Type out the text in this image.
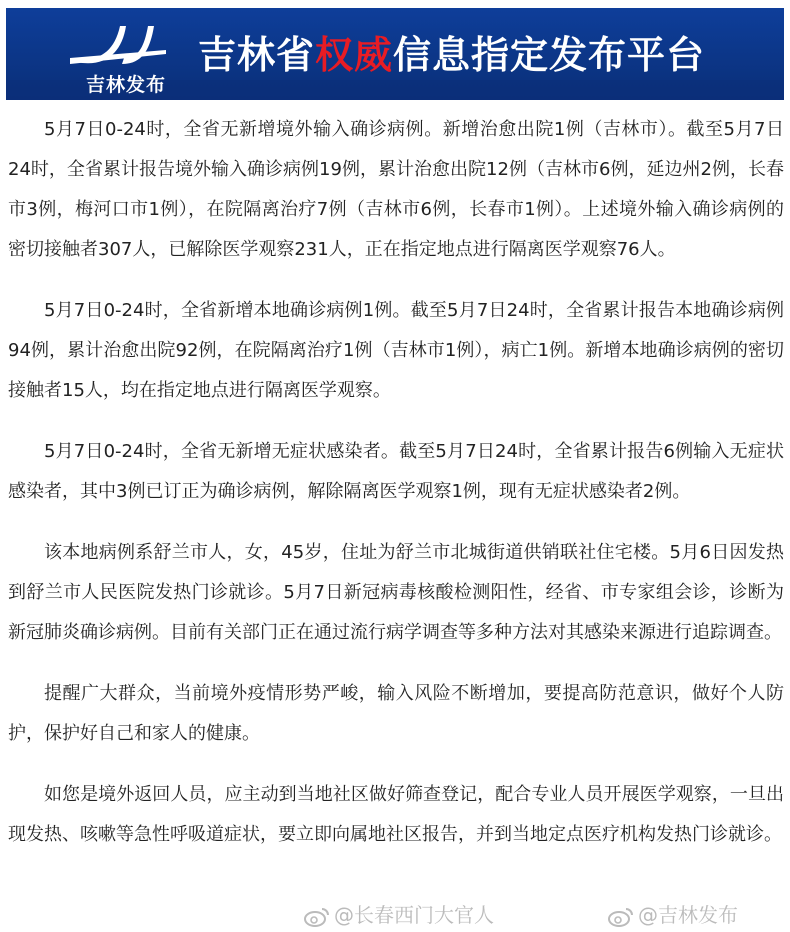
吉林发布
吉林省权威信息指定发布平台

5月7日0-24时，全省无新增境外输入确诊病例。新增治愈出院1例（吉林市）。截至5月7日24时，全省累计报告境外输入确诊病例19例，累计治愈出院12例（吉林市6例，延边州2例，长春市3例，梅河口市1例），在院隔离治疗7例（吉林市6例，长春市1例）。上述境外输入确诊病例的密切接触者307人，已解除医学观察231人，正在指定地点进行隔离医学观察76人。

5月7日0-24时，全省新增本地确诊病例1例。截至5月7日24时，全省累计报告本地确诊病例94例，累计治愈出院92例，在院隔离治疗1例（吉林市1例），病亡1例。新增本地确诊病例的密切接触者15人，均在指定地点进行隔离医学观察。

5月7日0-24时，全省无新增无症状感染者。截至5月7日24时，全省累计报告6例输入无症状感染者，其中3例已订正为确诊病例，解除隔离医学观察1例，现有无症状感染者2例。

该本地病例系舒兰市人，女，45岁，住址为舒兰市北城街道供销联社住宅楼。5月6日因发热到舒兰市人民医院发热门诊就诊。5月7日新冠病毒核酸检测阳性，经省、市专家组会诊，诊断为新冠肺炎确诊病例。目前有关部门正在通过流行病学调查等多种方法对其感染来源进行追踪调查。

提醒广大群众，当前境外疫情形势严峻，输入风险不断增加，要提高防范意识，做好个人防护，保护好自己和家人的健康。

如您是境外返回人员，应主动到当地社区做好筛查登记，配合专业人员开展医学观察，一旦出现发热、咳嗽等急性呼吸道症状，要立即向属地社区报告，并到当地定点医疗机构发热门诊就诊。

@长春西门大官人	@吉林发布
